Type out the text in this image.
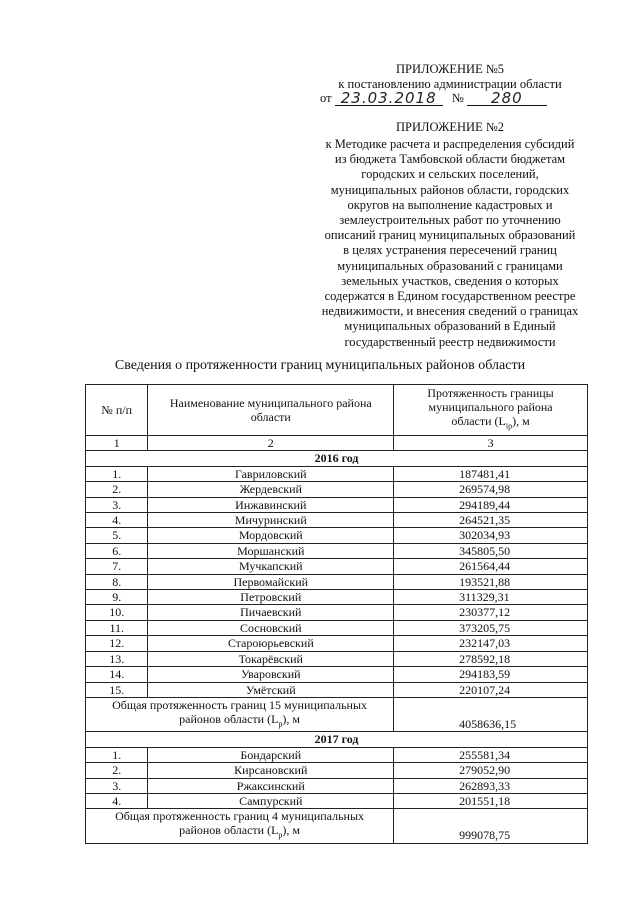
ПРИЛОЖЕНИЕ №5
к постановлению администрации области
от 23.03.2018	№	280
ПРИЛОЖЕНИЕ №2
к Методике расчета и распределения субсидий
из бюджета Тамбовской области бюджетам
городских и сельских поселений,
муниципальных районов области, городских
округов на выполнение кадастровых и
землеустроительных работ по уточнению
описаний границ муниципальных образований
в целях устранения пересечений границ
муниципальных образований с границами
земельных участков, сведения о которых
содержатся в Едином государственном реестре
недвижимости, и внесения сведений о границах
муниципальных образований в Единый
государственный реестр недвижимости
Сведения о протяженности границ муниципальных районов области
№ п/п	Наименование муниципального района области	Протяженность границы
муниципального района
области $(L_{ip})$, м
1	2	3
2016 год		
1.	Гавриловский	187481,41
2.	Жердевский	269574,98
3.	Инжавинский	294189,44
4.	Мичуринский	264521,35
5.	Мордовский	302034,93
6.	Моршанский	345805,50
7.	Мучкапский	261564,44
8.	Первомайский	193521,88
9.	Петровский	311329,31
10.	Пичаевский	230377,12
11.	Сосновский	373205,75
12.	Староюрьевский	232147,03
13.	Токарёвский	278592,18
14.	Уваровский	294183,59
15.	Умётский	220107,24
Общая протяженность границ 15 муниципальных
районов области $(L_p)$, м		4058636,15
2017 год		
1.	Бондарский	255581,34
2.	Кирсановский	279052,90
3.	Ржаксинский	262893,33
4.	Сампурский	201551,18
Общая протяженность границ 4 муниципальных
районов области $(L_p)$, м		999078,75
